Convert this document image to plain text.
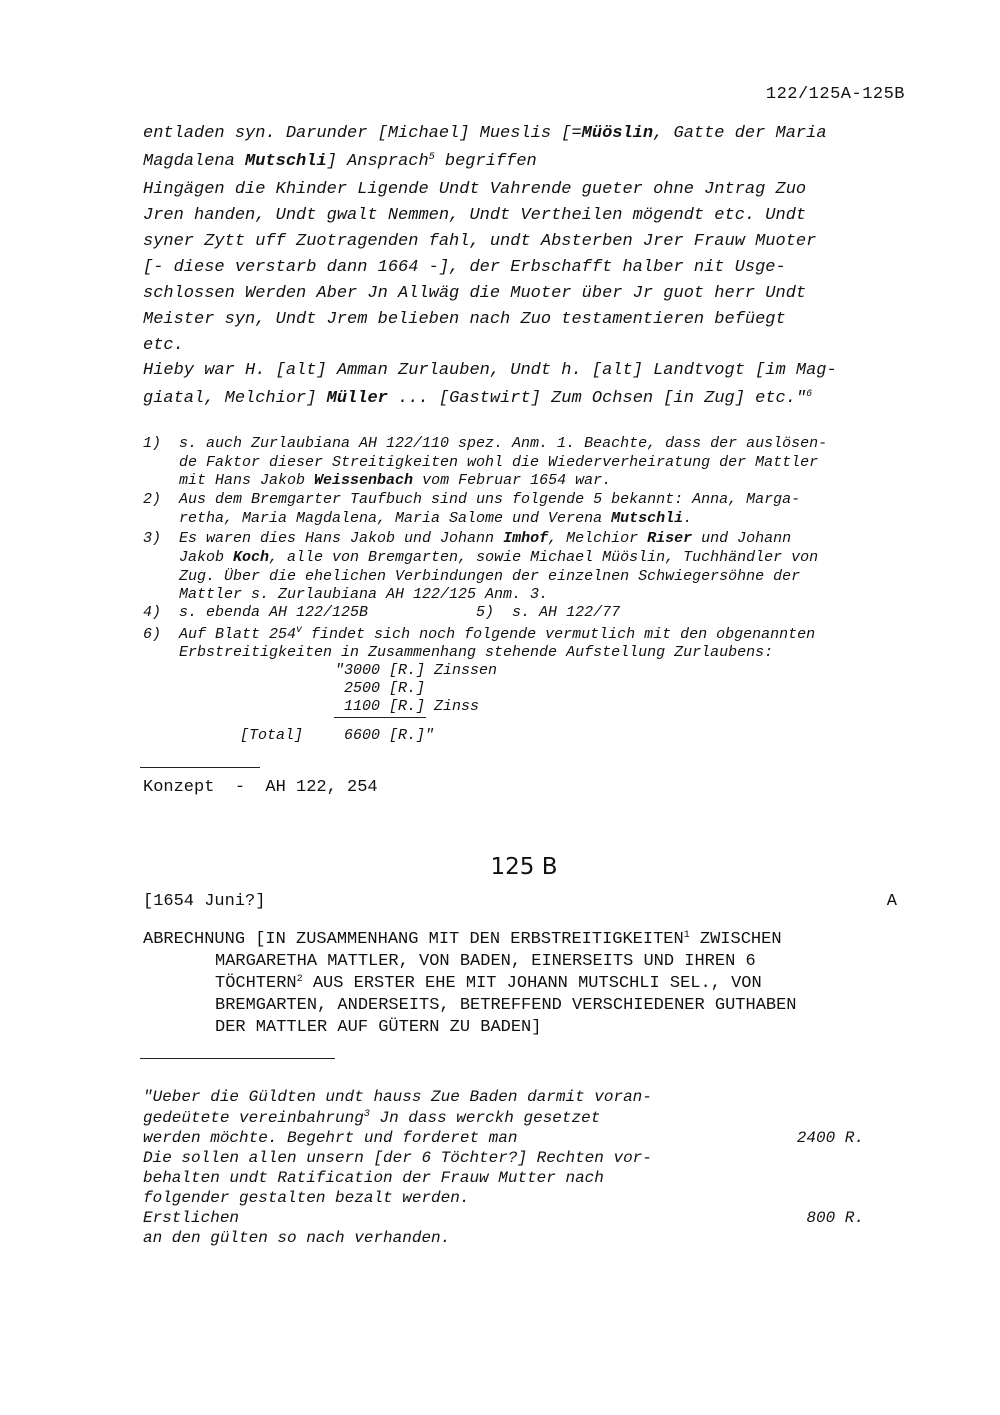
122/125A-125B
entladen syn. Darunder [Michael] Mueslis [=Müöslin, Gatte der Maria
Magdalena Mutschli] Ansprach$^5$ begriffen
Hingägen die Khinder Ligende Undt Vahrende gueter ohne Jntrag Zuo
Jren handen, Undt gwalt Nemmen, Undt Vertheilen mögendt etc. Undt
syner Zytt uff Zuotragenden fahl, undt Absterben Jrer Frauw Muoter
[- diese verstarb dann 1664 -], der Erbschafft halber nit Usge-
schlossen Werden Aber Jn Allwäg die Muoter über Jr guot herr Undt
Meister syn, Undt Jrem belieben nach Zuo testamentieren befüegt
etc.
Hieby war H. [alt] Amman Zurlauben, Undt h. [alt] Landtvogt [im Mag-
giatal, Melchior] Müller ... [Gastwirt] Zum Ochsen [in Zug] etc."$^6$
1) s. auch Zurlaubiana AH 122/110 spez. Anm. 1. Beachte, dass der auslösen-
de Faktor dieser Streitigkeiten wohl die Wiederverheiratung der Mattler
mit Hans Jakob Weissenbach vom Februar 1654 war.
2) Aus dem Bremgarter Taufbuch sind uns folgende 5 bekannt: Anna, Marga-
retha, Maria Magdalena, Maria Salome und Verena Mutschli.
3) Es waren dies Hans Jakob und Johann Imhof, Melchior Riser und Johann
Jakob Koch, alle von Bremgarten, sowie Michael Müöslin, Tuchhändler von
Zug. Über die ehelichen Verbindungen der einzelnen Schwiegersöhne der
Mattler s. Zurlaubiana AH 122/125 Anm. 3.
4) s. ebenda AH 122/125B            5)  s. AH 122/77
6) Auf Blatt 254$^v$ findet sich noch folgende vermutlich mit den obgenannten
Erbstreitigkeiten in Zusammenhang stehende Aufstellung Zurlaubens:
"3000 [R.] Zinssen
2500 [R.]
1100 [R.] Zinss
[Total]	6600 [R.]"
Konzept  -  AH 122, 254
125 B
[1654 Juni?]	A
ABRECHNUNG [IN ZUSAMMENHANG MIT DEN ERBSTREITIGKEITEN$^1$ ZWISCHEN
MARGARETHA MATTLER, VON BADEN, EINERSEITS UND IHREN 6
TÖCHTERN$^2$ AUS ERSTER EHE MIT JOHANN MUTSCHLI SEL., VON
BREMGARTEN, ANDERSEITS, BETREFFEND VERSCHIEDENER GUTHABEN
DER MATTLER AUF GÜTERN ZU BADEN]
"Ueber die Güldten undt hauss Zue Baden darmit voran-
gedeütete vereinbahrung$^3$ Jn dass werckh gesetzet
werden möchte. Begehrt und forderet man
Die sollen allen unsern [der 6 Töchter?] Rechten vor-
behalten undt Ratification der Frauw Mutter nach
folgender gestalten bezalt werden.
Erstlichen
an den gülten so nach verhanden.
2400 R.
800 R.
